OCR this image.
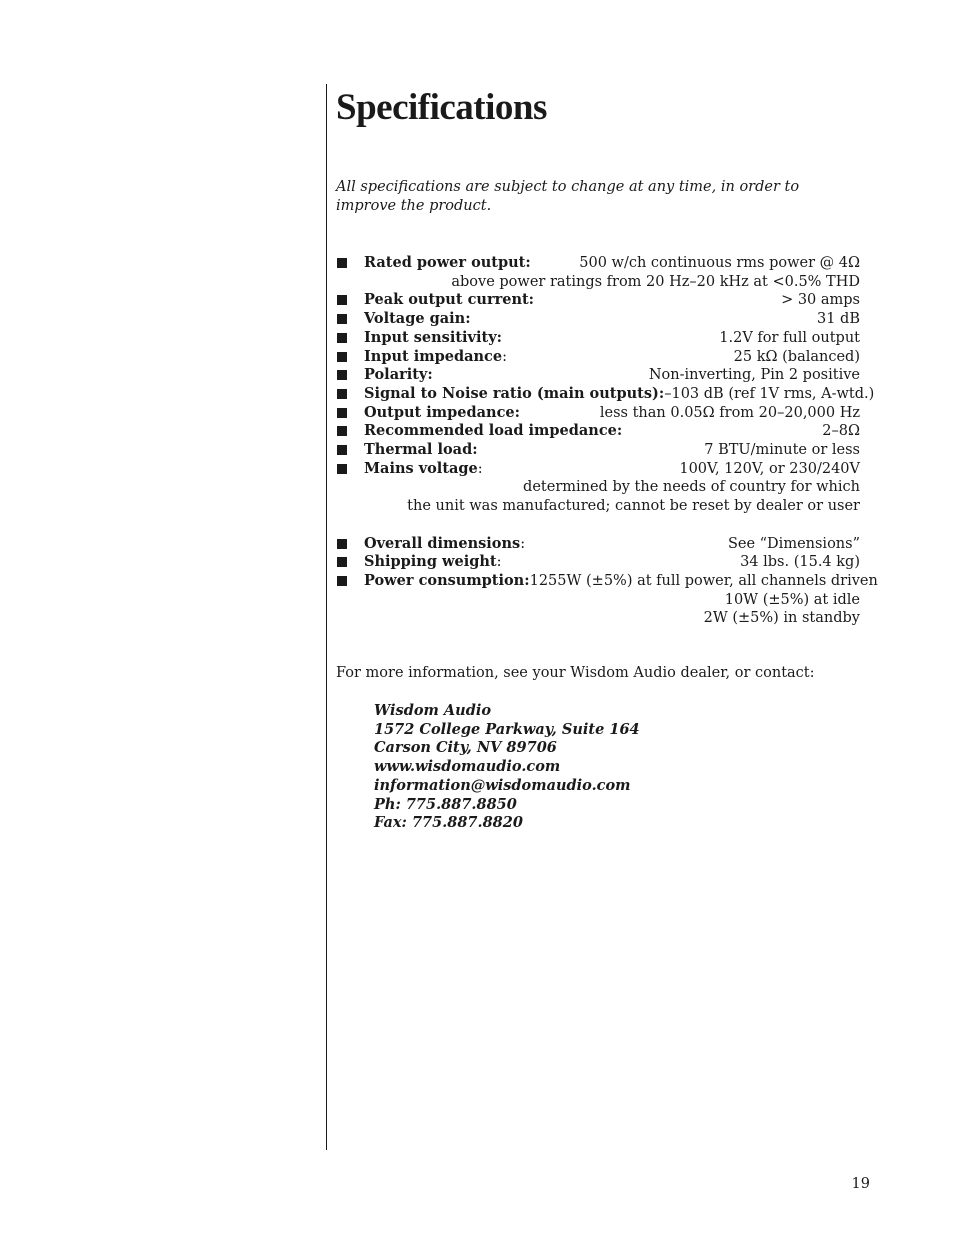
Specifications

All specifications are subject to change at any time, in order to improve the product.

Rated power output:	500 w/ch continuous rms power @ 4Ω
above power ratings from 20 Hz–20 kHz at <0.5% THD
Peak output current:	> 30 amps
Voltage gain:	31 dB
Input sensitivity:	1.2V for full output
Input impedance:	25 kΩ (balanced)
Polarity:	Non-inverting, Pin 2 positive
Signal to Noise ratio (main outputs): –103 dB (ref 1V rms, A-wtd.)
Output impedance:	less than 0.05Ω from 20–20,000 Hz
Recommended load impedance:	2–8Ω
Thermal load:	7 BTU/minute or less
Mains voltage:	100V, 120V, or 230/240V
determined by the needs of country for which
the unit was manufactured; cannot be reset by dealer or user
Overall dimensions:	See “Dimensions”
Shipping weight:	34 lbs. (15.4 kg)
Power consumption: 1255W (±5%) at full power, all channels driven
10W (±5%) at idle
2W (±5%) in standby

For more information, see your Wisdom Audio dealer, or contact:

Wisdom Audio
1572 College Parkway, Suite 164
Carson City, NV 89706
www.wisdomaudio.com
information@wisdomaudio.com
Ph: 775.887.8850
Fax: 775.887.8820
19
